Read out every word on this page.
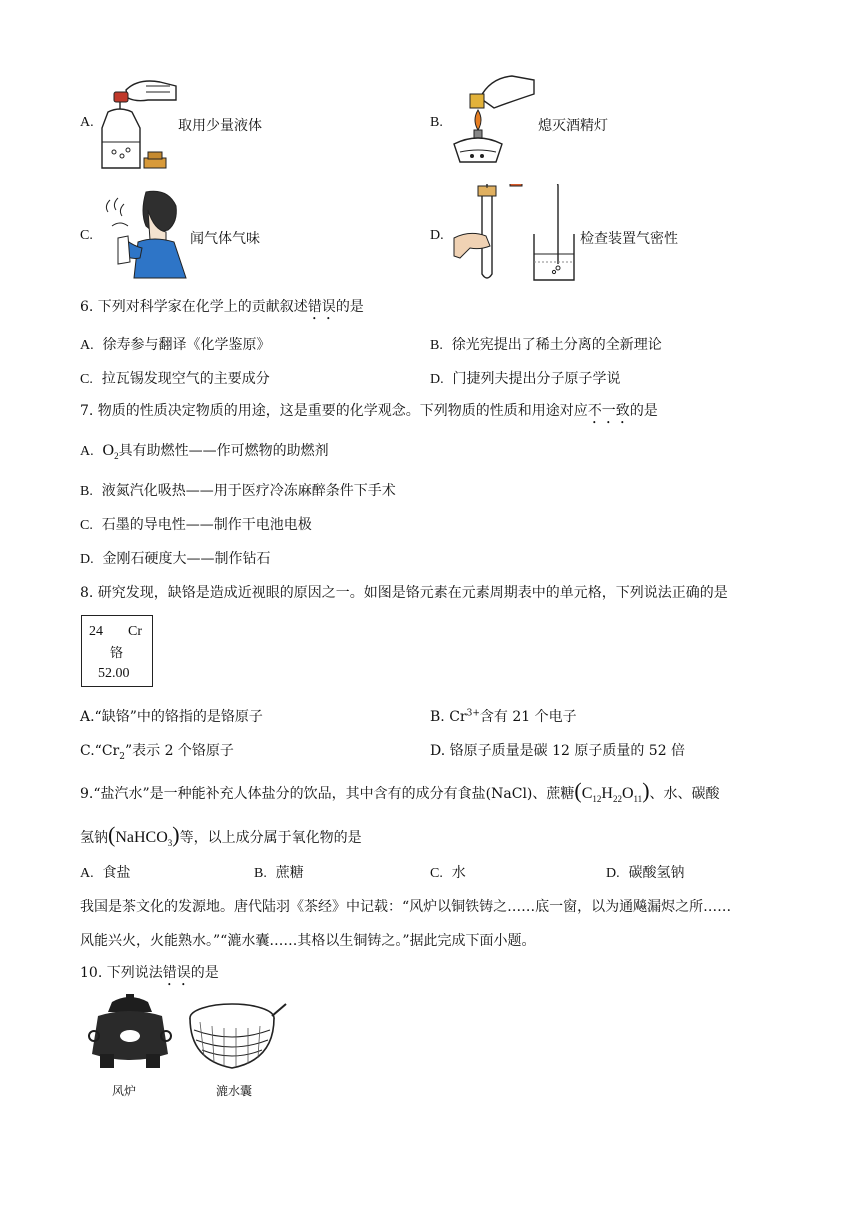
A.	取用少量液体	B.	熄灭酒精灯
C.	闻气体气味	D.	检查装置气密性
6. 下列对科学家在化学上的贡献叙述错误的是
A. 徐寿参与翻译《化学鉴原》	B. 徐光宪提出了稀土分离的全新理论
C. 拉瓦锡发现空气的主要成分	D. 门捷列夫提出分子原子学说
7. 物质的性质决定物质的用途，这是重要的化学观念。下列物质的性质和用途对应不一致的是
A. $O_2$具有助燃性——作可燃物的助燃剂
B. 液氮汽化吸热——用于医疗冷冻麻醉条件下手术
C. 石墨的导电性——制作干电池电极
D. 金刚石硬度大——制作钻石
8. 研究发现，缺铬是造成近视眼的原因之一。如图是铬元素在元素周期表中的单元格，下列说法正确的是
24 Cr
铬
52.00
A.“缺铬”中的铬指的是铬原子	B. $Cr^{3+}$含有 21 个电子
$C.“Cr_2$”表示 2 个铬原子	D. 铬原子质量是碳 12 原子质量的 52 倍
9.“盐汽水”是一种能补充人体盐分的饮品，其中含有的成分有食盐(NaCl)、蔗糖$(C_{12}H_{22}O_{11})$、水、碳酸
氢钠(NaHCO$_3$)等，以上成分属于氧化物的是
A. 食盐	B. 蔗糖	C. 水	D. 碳酸氢钠
我国是茶文化的发源地。唐代陆羽《茶经》中记载：“风炉以铜铁铸之……底一窗，以为通飚漏烬之所……
风能兴火，火能熟水。”“漉水囊……其格以生铜铸之。”据此完成下面小题。
10. 下列说法错误的是
风炉	漉水囊
